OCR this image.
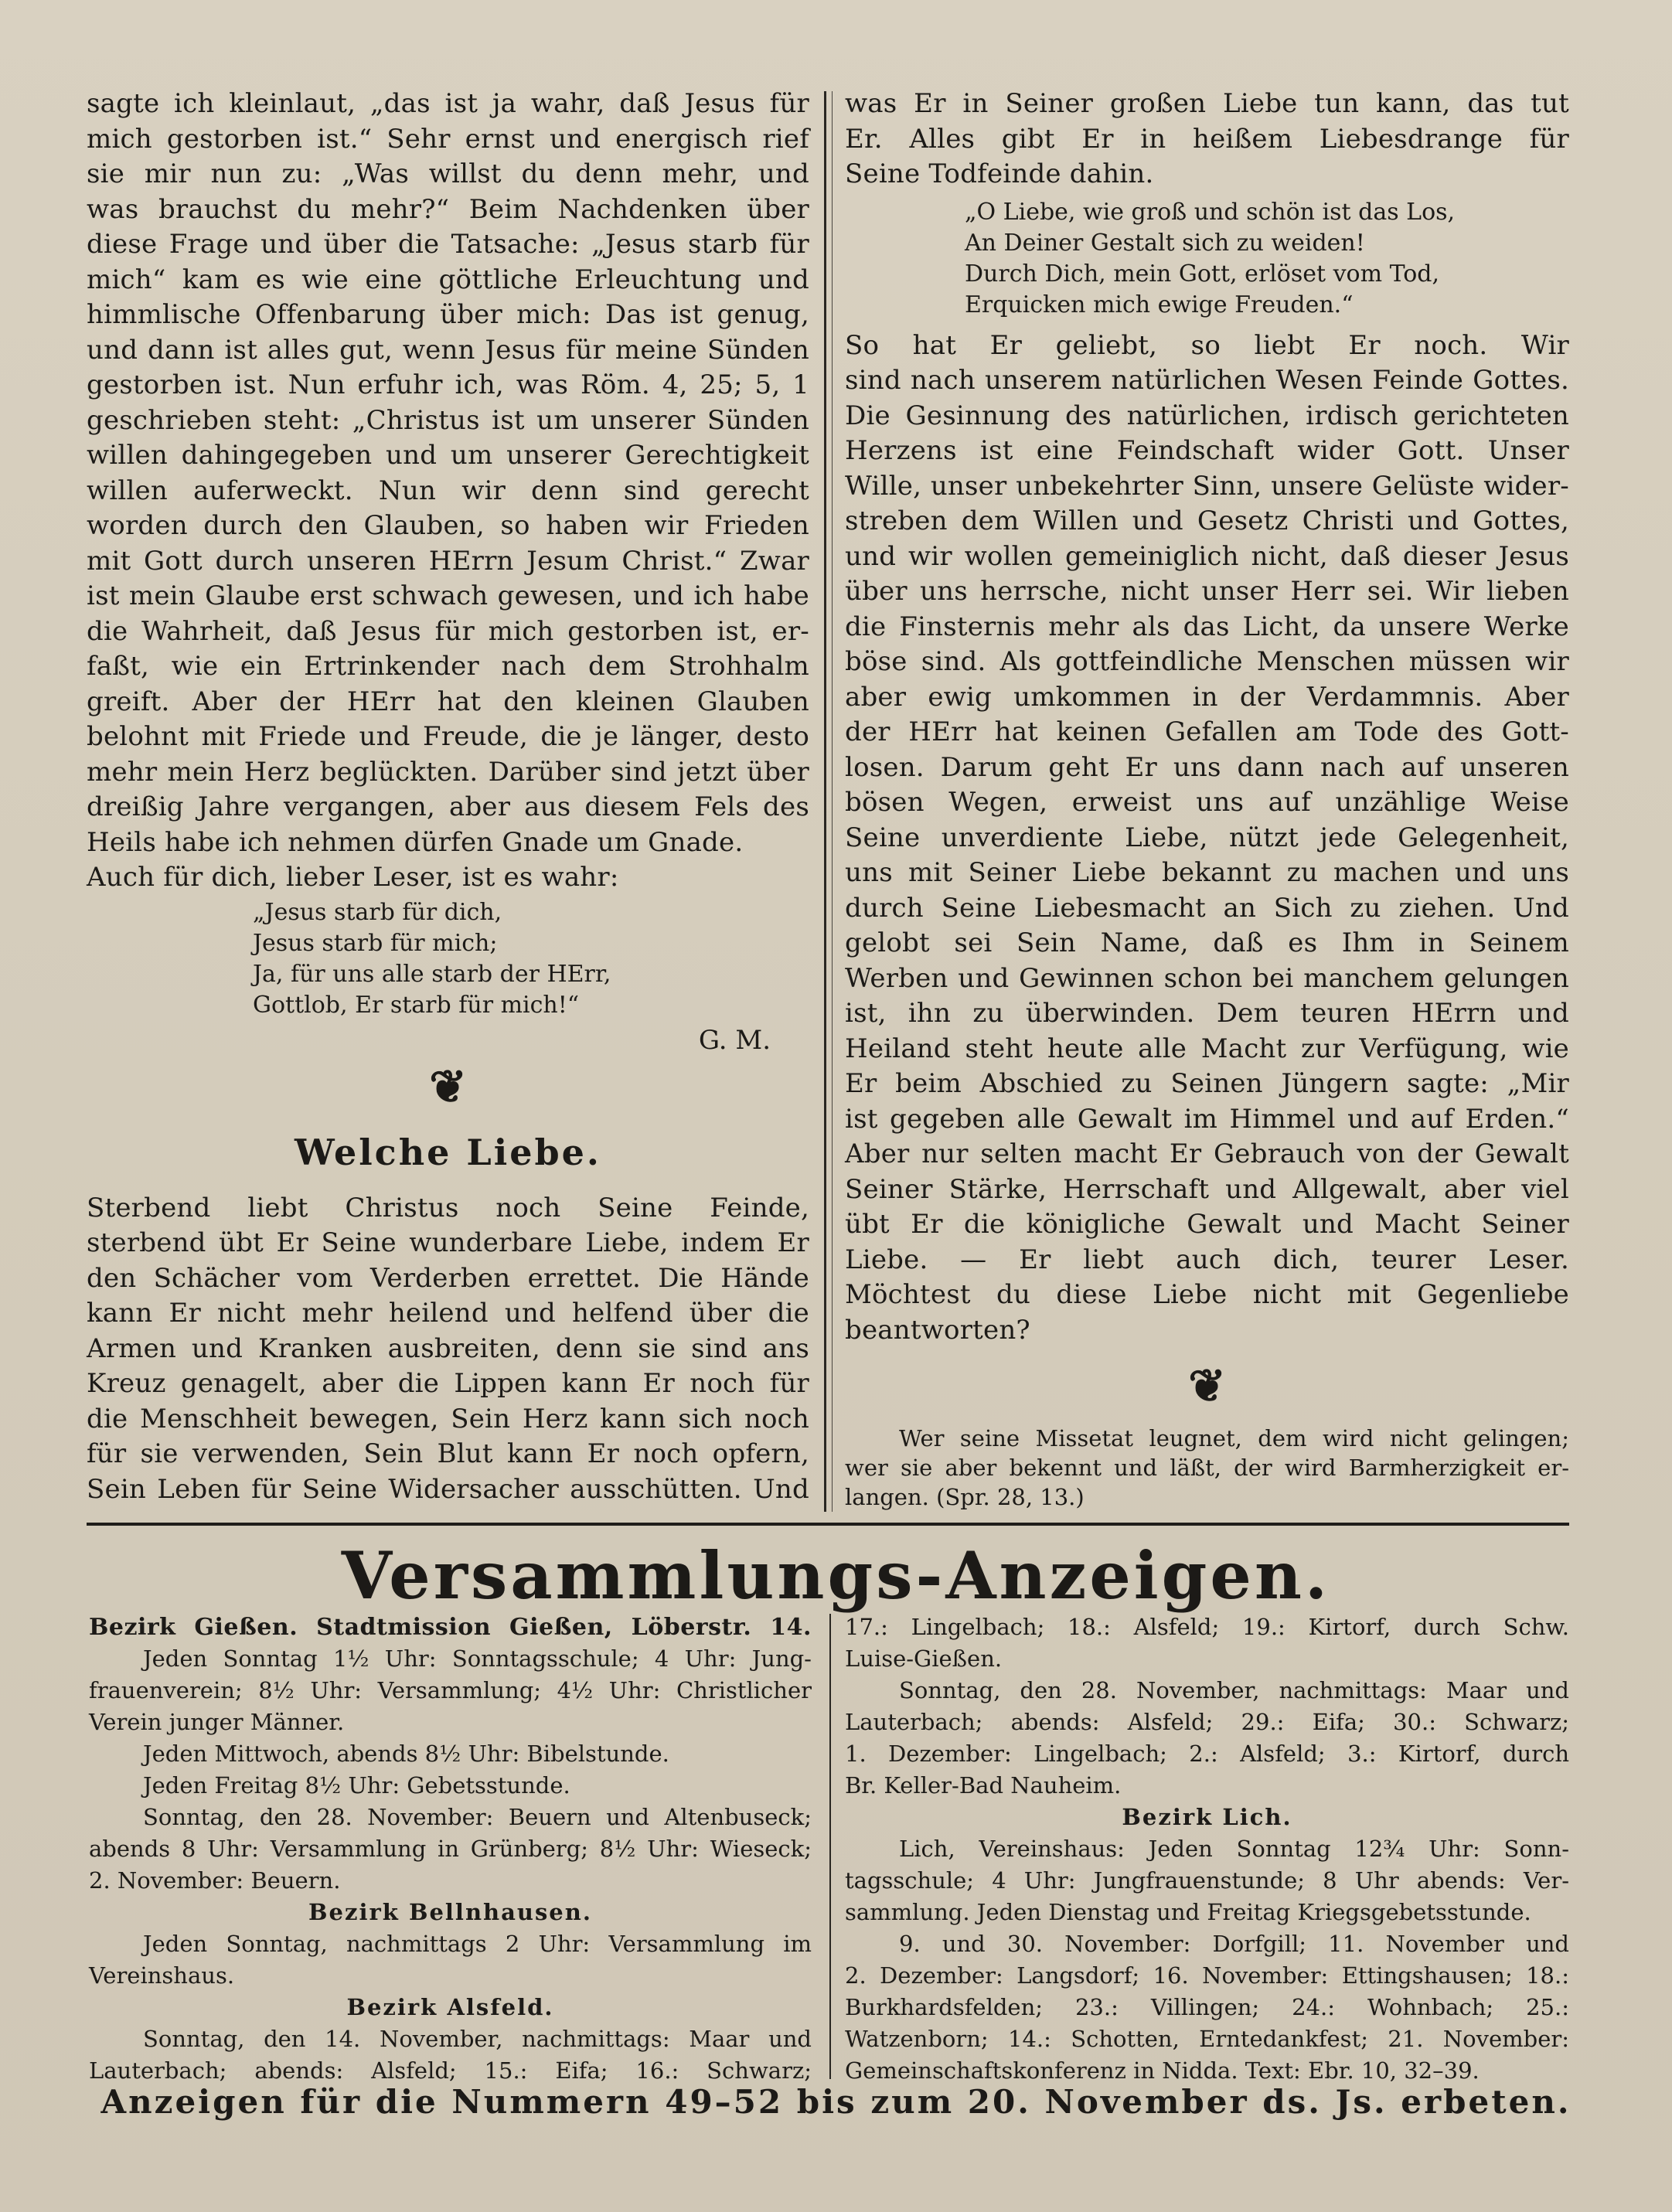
sagte ich kleinlaut, „das ist ja wahr, daß Jesus für
mich gestorben ist.“ Sehr ernst und energisch rief
sie mir nun zu: „Was willst du denn mehr, und
was brauchst du mehr?“ Beim Nachdenken über
diese Frage und über die Tatsache: „Jesus starb für
mich“ kam es wie eine göttliche Erleuchtung und
himmlische Offenbarung über mich: Das ist genug,
und dann ist alles gut, wenn Jesus für meine Sünden
gestorben ist. Nun erfuhr ich, was Röm. 4, 25; 5, 1
geschrieben steht: „Christus ist um unserer Sünden
willen dahingegeben und um unserer Gerechtigkeit
willen auferweckt. Nun wir denn sind gerecht
worden durch den Glauben, so haben wir Frieden
mit Gott durch unseren HErrn Jesum Christ.“ Zwar
ist mein Glaube erst schwach gewesen, und ich habe
die Wahrheit, daß Jesus für mich gestorben ist, er-
faßt, wie ein Ertrinkender nach dem Strohhalm
greift. Aber der HErr hat den kleinen Glauben
belohnt mit Friede und Freude, die je länger, desto
mehr mein Herz beglückten. Darüber sind jetzt über
dreißig Jahre vergangen, aber aus diesem Fels des
Heils habe ich nehmen dürfen Gnade um Gnade.
Auch für dich, lieber Leser, ist es wahr:
„Jesus starb für dich,
Jesus starb für mich;
Ja, für uns alle starb der HErr,
Gottlob, Er starb für mich!“
G. M.
❦
Welche Liebe.
Sterbend liebt Christus noch Seine Feinde,
sterbend übt Er Seine wunderbare Liebe, indem Er
den Schächer vom Verderben errettet. Die Hände
kann Er nicht mehr heilend und helfend über die
Armen und Kranken ausbreiten, denn sie sind ans
Kreuz genagelt, aber die Lippen kann Er noch für
die Menschheit bewegen, Sein Herz kann sich noch
für sie verwenden, Sein Blut kann Er noch opfern,
Sein Leben für Seine Widersacher ausschütten. Und
was Er in Seiner großen Liebe tun kann, das tut
Er. Alles gibt Er in heißem Liebesdrange für
Seine Todfeinde dahin.
„O Liebe, wie groß und schön ist das Los,
An Deiner Gestalt sich zu weiden!
Durch Dich, mein Gott, erlöset vom Tod,
Erquicken mich ewige Freuden.“
So hat Er geliebt, so liebt Er noch. Wir
sind nach unserem natürlichen Wesen Feinde Gottes.
Die Gesinnung des natürlichen, irdisch gerichteten
Herzens ist eine Feindschaft wider Gott. Unser
Wille, unser unbekehrter Sinn, unsere Gelüste wider-
streben dem Willen und Gesetz Christi und Gottes,
und wir wollen gemeiniglich nicht, daß dieser Jesus
über uns herrsche, nicht unser Herr sei. Wir lieben
die Finsternis mehr als das Licht, da unsere Werke
böse sind. Als gottfeindliche Menschen müssen wir
aber ewig umkommen in der Verdammnis. Aber
der HErr hat keinen Gefallen am Tode des Gott-
losen. Darum geht Er uns dann nach auf unseren
bösen Wegen, erweist uns auf unzählige Weise
Seine unverdiente Liebe, nützt jede Gelegenheit,
uns mit Seiner Liebe bekannt zu machen und uns
durch Seine Liebesmacht an Sich zu ziehen. Und
gelobt sei Sein Name, daß es Ihm in Seinem
Werben und Gewinnen schon bei manchem gelungen
ist, ihn zu überwinden. Dem teuren HErrn und
Heiland steht heute alle Macht zur Verfügung, wie
Er beim Abschied zu Seinen Jüngern sagte: „Mir
ist gegeben alle Gewalt im Himmel und auf Erden.“
Aber nur selten macht Er Gebrauch von der Gewalt
Seiner Stärke, Herrschaft und Allgewalt, aber viel
übt Er die königliche Gewalt und Macht Seiner
Liebe. — Er liebt auch dich, teurer Leser.
Möchtest du diese Liebe nicht mit Gegenliebe
beantworten?
❦
Wer seine Missetat leugnet, dem wird nicht gelingen;
wer sie aber bekennt und läßt, der wird Barmherzigkeit er-
langen. (Spr. 28, 13.)
Versammlungs-Anzeigen.
Bezirk Gießen. Stadtmission Gießen, Löberstr. 14.
Jeden Sonntag 1½ Uhr: Sonntagsschule; 4 Uhr: Jung-
frauenverein; 8½ Uhr: Versammlung; 4½ Uhr: Christlicher
Verein junger Männer.
Jeden Mittwoch, abends 8½ Uhr: Bibelstunde.
Jeden Freitag 8½ Uhr: Gebetsstunde.
Sonntag, den 28. November: Beuern und Altenbuseck;
abends 8 Uhr: Versammlung in Grünberg; 8½ Uhr: Wieseck;
2. November: Beuern.
Bezirk Bellnhausen.
Jeden Sonntag, nachmittags 2 Uhr: Versammlung im
Vereinshaus.
Bezirk Alsfeld.
Sonntag, den 14. November, nachmittags: Maar und
Lauterbach; abends: Alsfeld; 15.: Eifa; 16.: Schwarz;
17.: Lingelbach; 18.: Alsfeld; 19.: Kirtorf, durch Schw.
Luise-Gießen.
Sonntag, den 28. November, nachmittags: Maar und
Lauterbach; abends: Alsfeld; 29.: Eifa; 30.: Schwarz;
1. Dezember: Lingelbach; 2.: Alsfeld; 3.: Kirtorf, durch
Br. Keller-Bad Nauheim.
Bezirk Lich.
Lich, Vereinshaus: Jeden Sonntag 12¾ Uhr: Sonn-
tagsschule; 4 Uhr: Jungfrauenstunde; 8 Uhr abends: Ver-
sammlung. Jeden Dienstag und Freitag Kriegsgebetsstunde.
9. und 30. November: Dorfgill; 11. November und
2. Dezember: Langsdorf; 16. November: Ettingshausen; 18.:
Burkhardsfelden; 23.: Villingen; 24.: Wohnbach; 25.:
Watzenborn; 14.: Schotten, Erntedankfest; 21. November:
Gemeinschaftskonferenz in Nidda. Text: Ebr. 10, 32–39.
Anzeigen für die Nummern 49–52 bis zum 20. November ds. Js. erbeten.
